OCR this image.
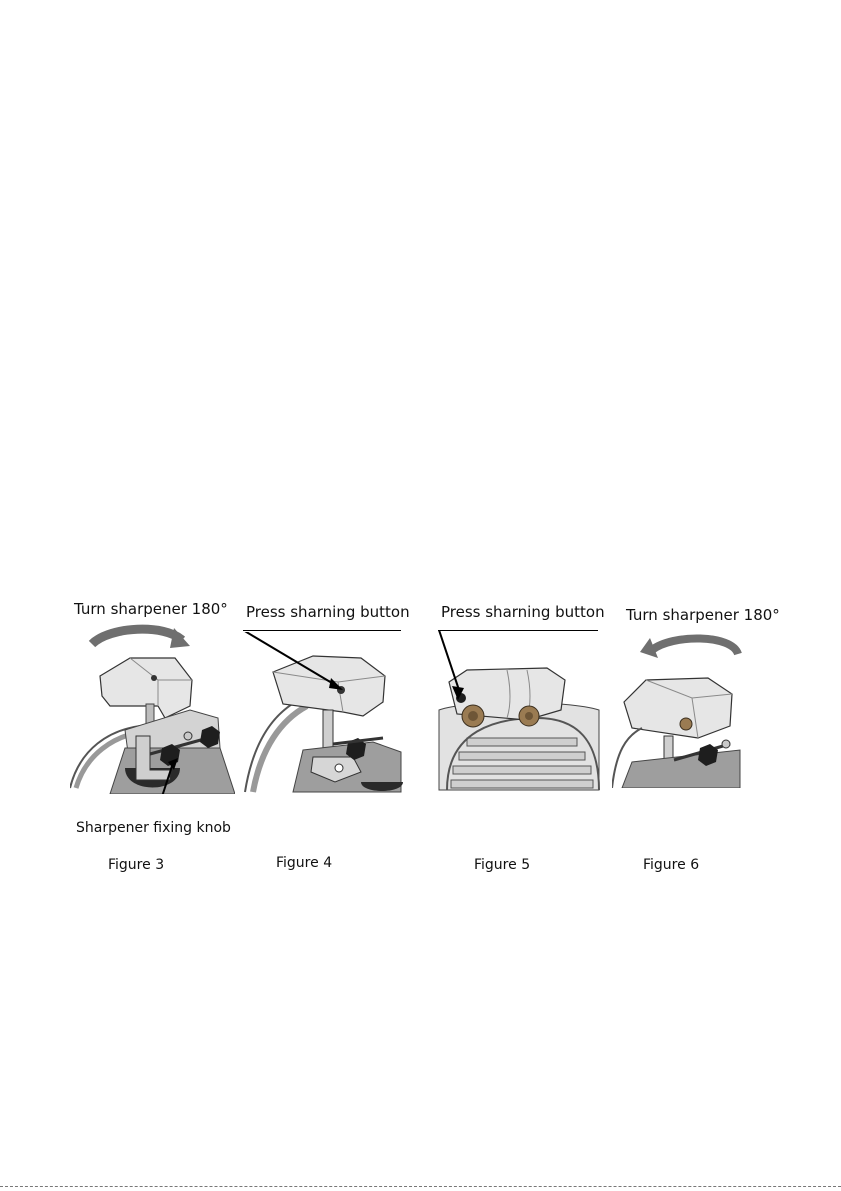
Turn sharpener 180°
Sharpener fixing knob
Figure 3
Press sharning button
Figure 4
Press sharning button
Figure 5
Turn sharpener 180°
Figure 6
